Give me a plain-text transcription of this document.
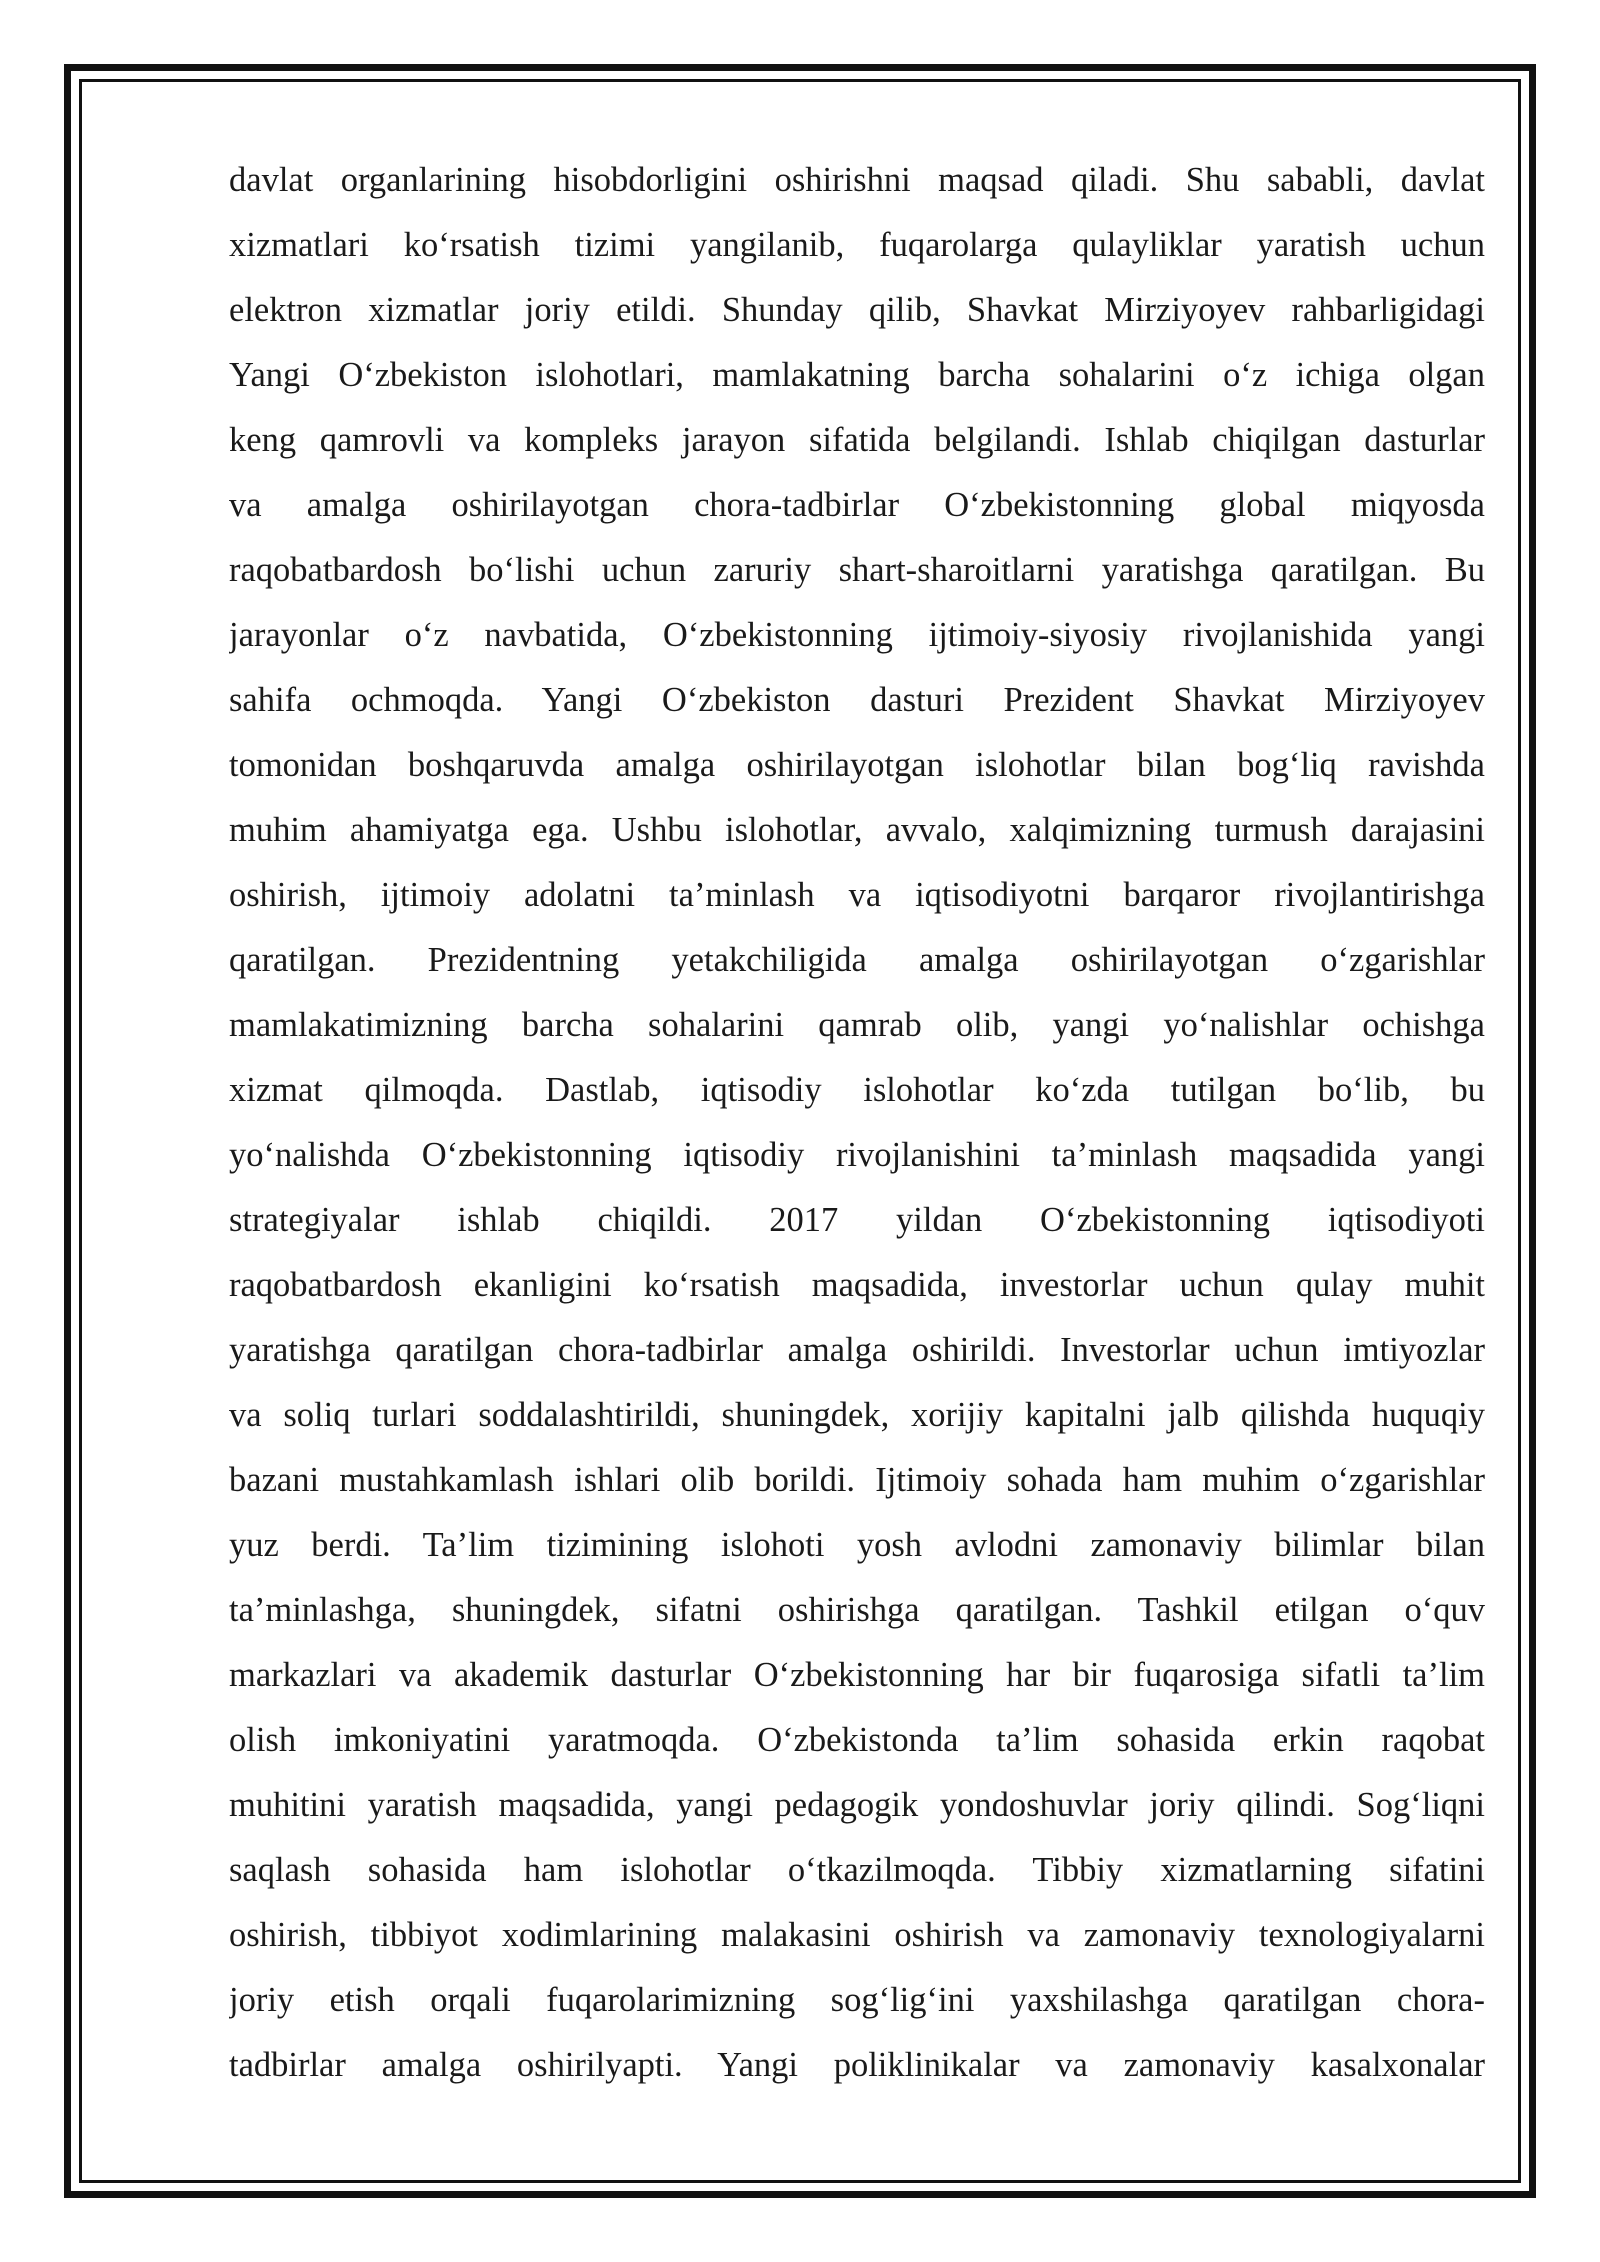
davlat organlarining hisobdorligini oshirishni maqsad qiladi. Shu sababli, davlat
xizmatlari ko‘rsatish tizimi yangilanib, fuqarolarga qulayliklar yaratish uchun
elektron xizmatlar joriy etildi. Shunday qilib, Shavkat Mirziyoyev rahbarligidagi
Yangi O‘zbekiston islohotlari, mamlakatning barcha sohalarini o‘z ichiga olgan
keng qamrovli va kompleks jarayon sifatida belgilandi. Ishlab chiqilgan dasturlar
va amalga oshirilayotgan chora-tadbirlar O‘zbekistonning global miqyosda
raqobatbardosh bo‘lishi uchun zaruriy shart-sharoitlarni yaratishga qaratilgan. Bu
jarayonlar o‘z navbatida, O‘zbekistonning ijtimoiy-siyosiy rivojlanishida yangi
sahifa ochmoqda. Yangi O‘zbekiston dasturi Prezident Shavkat Mirziyoyev
tomonidan boshqaruvda amalga oshirilayotgan islohotlar bilan bog‘liq ravishda
muhim ahamiyatga ega. Ushbu islohotlar, avvalo, xalqimizning turmush darajasini
oshirish, ijtimoiy adolatni ta’minlash va iqtisodiyotni barqaror rivojlantirishga
qaratilgan. Prezidentning yetakchiligida amalga oshirilayotgan o‘zgarishlar
mamlakatimizning barcha sohalarini qamrab olib, yangi yo‘nalishlar ochishga
xizmat qilmoqda. Dastlab, iqtisodiy islohotlar ko‘zda tutilgan bo‘lib, bu
yo‘nalishda O‘zbekistonning iqtisodiy rivojlanishini ta’minlash maqsadida yangi
strategiyalar ishlab chiqildi. 2017 yildan O‘zbekistonning iqtisodiyoti
raqobatbardosh ekanligini ko‘rsatish maqsadida, investorlar uchun qulay muhit
yaratishga qaratilgan chora-tadbirlar amalga oshirildi. Investorlar uchun imtiyozlar
va soliq turlari soddalashtirildi, shuningdek, xorijiy kapitalni jalb qilishda huquqiy
bazani mustahkamlash ishlari olib borildi. Ijtimoiy sohada ham muhim o‘zgarishlar
yuz berdi. Ta’lim tizimining islohoti yosh avlodni zamonaviy bilimlar bilan
ta’minlashga, shuningdek, sifatni oshirishga qaratilgan. Tashkil etilgan o‘quv
markazlari va akademik dasturlar O‘zbekistonning har bir fuqarosiga sifatli ta’lim
olish imkoniyatini yaratmoqda. O‘zbekistonda ta’lim sohasida erkin raqobat
muhitini yaratish maqsadida, yangi pedagogik yondoshuvlar joriy qilindi. Sog‘liqni
saqlash sohasida ham islohotlar o‘tkazilmoqda. Tibbiy xizmatlarning sifatini
oshirish, tibbiyot xodimlarining malakasini oshirish va zamonaviy texnologiyalarni
joriy etish orqali fuqarolarimizning sog‘lig‘ini yaxshilashga qaratilgan chora-
tadbirlar amalga oshirilyapti. Yangi poliklinikalar va zamonaviy kasalxonalar
